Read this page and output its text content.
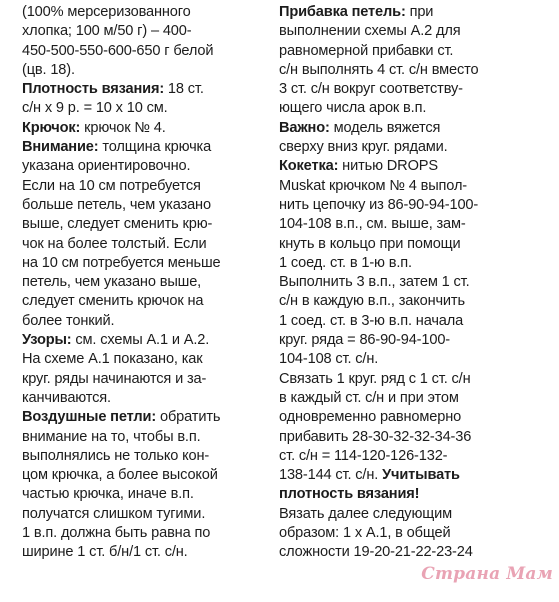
(100% мерсеризованного
хлопка; 100 м/50 г) – 400-
450-500-550-600-650 г белой
(цв. 18).
Плотность вязания: 18 ст.
с/н х 9 р. = 10 х 10 см.
Крючок: крючок № 4.
Внимание: толщина крючка
указана ориентировочно.
Если на 10 см потребуется
больше петель, чем указано
выше, следует сменить крю-
чок на более толстый. Если
на 10 см потребуется меньше
петель, чем указано выше,
следует сменить крючок на
более тонкий.
Узоры: см. схемы А.1 и А.2.
На схеме А.1 показано, как
круг. ряды начинаются и за-
канчиваются.
Воздушные петли: обратить
внимание на то, чтобы в.п.
выполнялись не только кон-
цом крючка, а более высокой
частью крючка, иначе в.п.
получатся слишком тугими.
1 в.п. должна быть равна по
ширине 1 ст. б/н/1 ст. с/н.
Прибавка петель: при
выполнении схемы А.2 для
равномерной прибавки ст.
с/н выполнять 4 ст. с/н вместо
3 ст. с/н вокруг соответству-
ющего числа арок в.п.
Важно: модель вяжется
сверху вниз круг. рядами.
Кокетка: нитью DROPS
Muskat крючком № 4 выпол-
нить цепочку из 86-90-94-100-
104-108 в.п., см. выше, зам-
кнуть в кольцо при помощи
1 соед. ст. в 1-ю в.п.
Выполнить 3 в.п., затем 1 ст.
с/н в каждую в.п., закончить
1 соед. ст. в 3-ю в.п. начала
круг. ряда = 86-90-94-100-
104-108 ст. с/н.
Связать 1 круг. ряд с 1 ст. с/н
в каждый ст. с/н и при этом
одновременно равномерно
прибавить 28-30-32-32-34-36
ст. с/н = 114-120-126-132-
138-144 ст. с/н. Учитывать
плотность вязания!
Вязать далее следующим
образом: 1 х А.1, в общей
сложности 19-20-21-22-23-24
Страна Мам
